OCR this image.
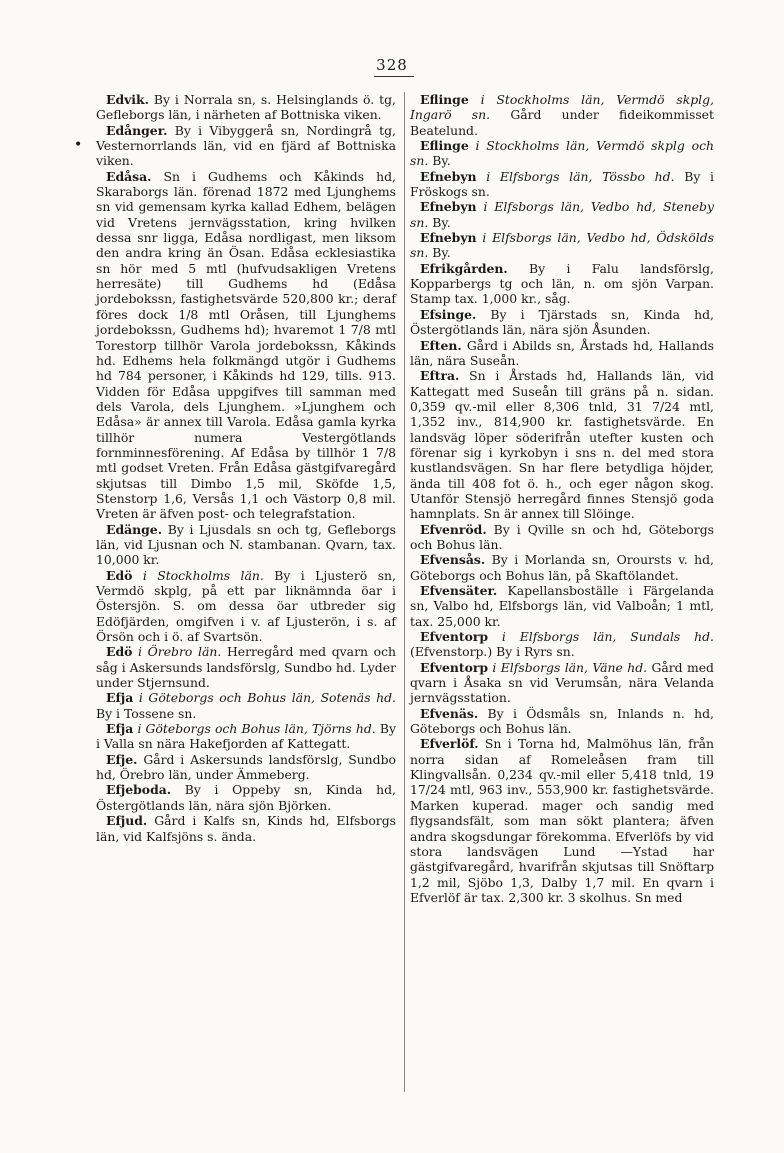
328
•

Edvik. By i Norrala sn, s. Helsinglands ö. tg, Gefleborgs län, i närheten af Bottniska viken.

Edånger. By i Vibyggerå sn, Nordingrå tg, Vesternorrlands län, vid en fjärd af Bottniska viken.

Edåsa. Sn i Gudhems och Kåkinds hd, Skaraborgs län. förenad 1872 med Ljunghems sn vid gemensam kyrka kallad Edhem, belägen vid Vretens jernvägsstation, kring hvilken dessa snr ligga, Edåsa nordligast, men liksom den andra kring än Ösan. Edåsa ecklesiastika sn hör med 5 mtl (hufvudsakligen Vretens herresäte) till Gudhems hd (Edåsa jordebokssn, fastighetsvärde 520,800 kr.; deraf föres dock 1/8 mtl Oråsen, till Ljunghems jordebokssn, Gudhems hd); hvaremot 1 7/8 mtl Torestorp tillhör Varola jordebokssn, Kåkinds hd. Edhems hela folkmängd utgör i Gudhems hd 784 personer, i Kåkinds hd 129, tills. 913. Vidden för Edåsa uppgifves till samman med dels Varola, dels Ljunghem. »Ljunghem och Edåsa» är annex till Varola. Edåsa gamla kyrka tillhör numera Vestergötlands fornminnesförening. Af Edåsa by tillhör 1 7/8 mtl godset Vreten. Från Edåsa gästgifvaregård skjutsas till Dimbo 1,5 mil, Sköfde 1,5, Stenstorp 1,6, Versås 1,1 och Västorp 0,8 mil. Vreten är äfven post- och telegrafstation.

Edänge. By i Ljusdals sn och tg, Gefleborgs län, vid Ljusnan och N. stambanan. Qvarn, tax. 10,000 kr.

Edö i Stockholms län. By i Ljusterö sn, Vermdö skplg, på ett par liknämnda öar i Östersjön. S. om dessa öar utbreder sig Edöfjärden, omgifven i v. af Ljusterön, i s. af Örsön och i ö. af Svartsön.

Edö i Örebro län. Herregård med qvarn och såg i Askersunds landsförslg, Sundbo hd. Lyder under Stjernsund.

Efja i Göteborgs och Bohus län, Sotenäs hd. By i Tossene sn.

Efja i Göteborgs och Bohus län, Tjörns hd. By i Valla sn nära Hakefjorden af Kattegatt.

Efje. Gård i Askersunds landsförslg, Sundbo hd, Örebro län, under Ämmeberg.

Efjeboda. By i Oppeby sn, Kinda hd, Östergötlands län, nära sjön Björken.

Efjud. Gård i Kalfs sn, Kinds hd, Elfsborgs län, vid Kalfsjöns s. ända.

Eflinge i Stockholms län, Vermdö skplg, Ingarö sn. Gård under fideikommisset Beatelund.

Eflinge i Stockholms län, Vermdö skplg och sn. By.

Efnebyn i Elfsborgs län, Tössbo hd. By i Fröskogs sn.

Efnebyn i Elfsborgs län, Vedbo hd, Steneby sn. By.

Efnebyn i Elfsborgs län, Vedbo hd, Ödskölds sn. By.

Efrikgården. By i Falu landsförslg, Kopparbergs tg och län, n. om sjön Varpan. Stamp tax. 1,000 kr., såg.

Efsinge. By i Tjärstads sn, Kinda hd, Östergötlands län, nära sjön Åsunden.

Eften. Gård i Abilds sn, Årstads hd, Hallands län, nära Suseån.

Eftra. Sn i Årstads hd, Hallands län, vid Kattegatt med Suseån till gräns på n. sidan. 0,359 qv.-mil eller 8,306 tnld, 31 7/24 mtl, 1,352 inv., 814,900 kr. fastighetsvärde. En landsväg löper söderifrån utefter kusten och förenar sig i kyrkobyn i sns n. del med stora kustlandsvägen. Sn har flere betydliga höjder, ända till 408 fot ö. h., och eger någon skog. Utanför Stensjö herregård finnes Stensjö goda hamnplats. Sn är annex till Slöinge.

Efvenröd. By i Qville sn och hd, Göteborgs och Bohus län.

Efvensås. By i Morlanda sn, Oroursts v. hd, Göteborgs och Bohus län, på Skaftölandet.

Efvensäter. Kapellansboställe i Färgelanda sn, Valbo hd, Elfsborgs län, vid Valboån; 1 mtl, tax. 25,000 kr.

Efventorp i Elfsborgs län, Sundals hd. (Efvenstorp.) By i Ryrs sn.

Efventorp i Elfsborgs län, Väne hd. Gård med qvarn i Åsaka sn vid Verumsån, nära Velanda jernvägsstation.

Efvenäs. By i Ödsmåls sn, Inlands n. hd, Göteborgs och Bohus län.

Efverlöf. Sn i Torna hd, Malmöhus län, från norra sidan af Romeleåsen fram till Klingvallsån. 0,234 qv.-mil eller 5,418 tnld, 19 17/24 mtl, 963 inv., 553,900 kr. fastighetsvärde. Marken kuperad. mager och sandig med flygsandsfält, som man sökt plantera; äfven andra skogsdungar förekomma. Efverlöfs by vid stora landsvägen Lund —Ystad har gästgifvaregård, hvarifrån skjutsas till Snöftarp 1,2 mil, Sjöbo 1,3, Dalby 1,7 mil. En qvarn i Efverlöf är tax. 2,300 kr. 3 skolhus. Sn med
